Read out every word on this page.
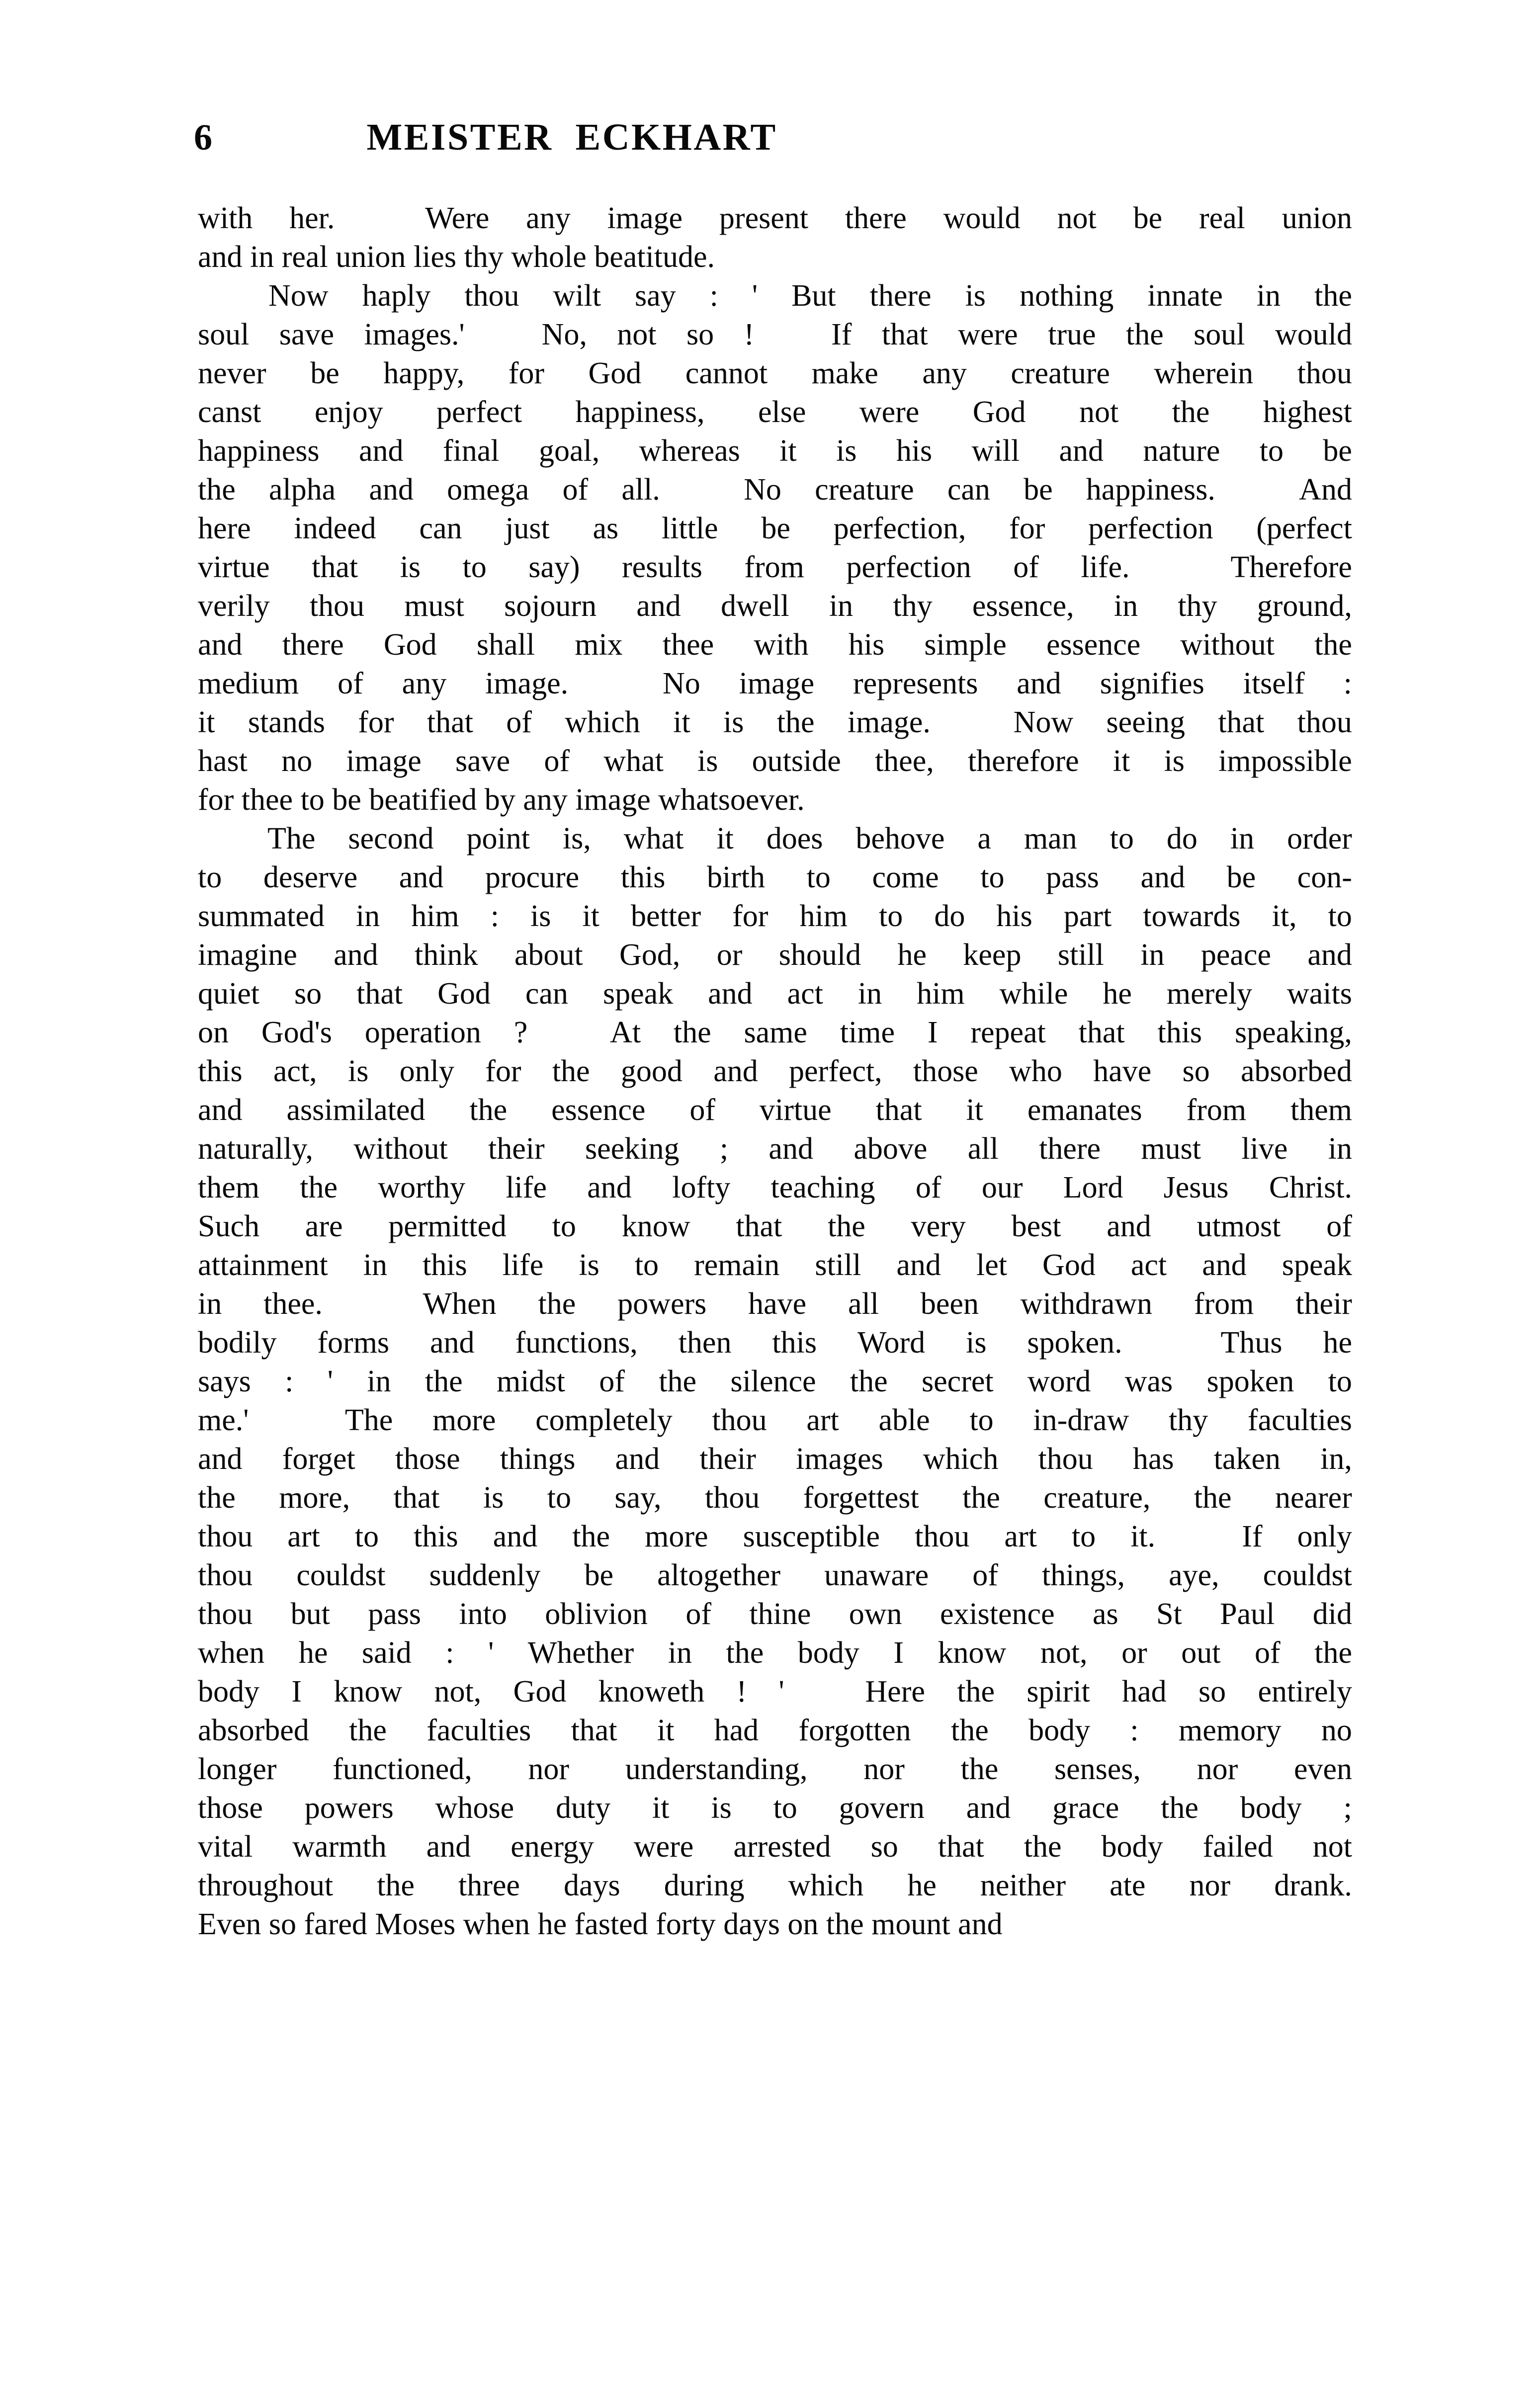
6	MEISTER  ECKHART
with her.	Were any image present there would not be real union
and in real union lies thy whole beatitude.
Now haply thou wilt say : ' But there is nothing innate in the
soul save images.' No, not so ! If that were true the soul would
never be happy, for God cannot make any creature wherein thou
canst enjoy perfect happiness, else were God not the highest
happiness and final goal, whereas it is his will and nature to be
the alpha and omega of all.	No creature can be happiness.	And
here indeed can just as little be perfection, for perfection (perfect
virtue that is to say) results from perfection of life.	Therefore
verily thou must sojourn and dwell in thy essence, in thy ground,
and there God shall mix thee with his simple essence without the
medium of any image.	No image represents and signifies itself :
it stands for that of which it is the image.	Now seeing that thou
hast no image save of what is outside thee, therefore it is impossible
for thee to be beatified by any image whatsoever.
The second point is, what it does behove a man to do in order
to deserve and procure this birth to come to pass and be con-
summated in him : is it better for him to do his part towards it, to
imagine and think about God, or should he keep still in peace and
quiet so that God can speak and act in him while he merely waits
on God's operation ?	At the same time I repeat that this speaking,
this act, is only for the good and perfect, those who have so absorbed
and assimilated the essence of virtue that it emanates from them
naturally, without their seeking ; and above all there must live in
them the worthy life and lofty teaching of our Lord Jesus Christ.
Such are permitted to know that the very best and utmost of
attainment in this life is to remain still and let God act and speak
in thee.	When the powers have all been withdrawn from their
bodily forms and functions, then this Word is spoken.	Thus he
says : ' in the midst of the silence the secret word was spoken to
me.'	The more completely thou art able to in-draw thy faculties
and forget those things and their images which thou has taken in,
the more, that is to say, thou forgettest the creature, the nearer
thou art to this and the more susceptible thou art to it.	If only
thou couldst suddenly be altogether unaware of things, aye, couldst
thou but pass into oblivion of thine own existence as St Paul did
when he said : ' Whether in the body I know not, or out of the
body I know not, God knoweth ! '	Here the spirit had so entirely
absorbed the faculties that it had forgotten the body : memory no
longer functioned, nor understanding, nor the senses, nor even
those powers whose duty it is to govern and grace the body ;
vital warmth and energy were arrested so that the body failed not
throughout the three days during which he neither ate nor drank.
Even so fared Moses when he fasted forty days on the mount and
